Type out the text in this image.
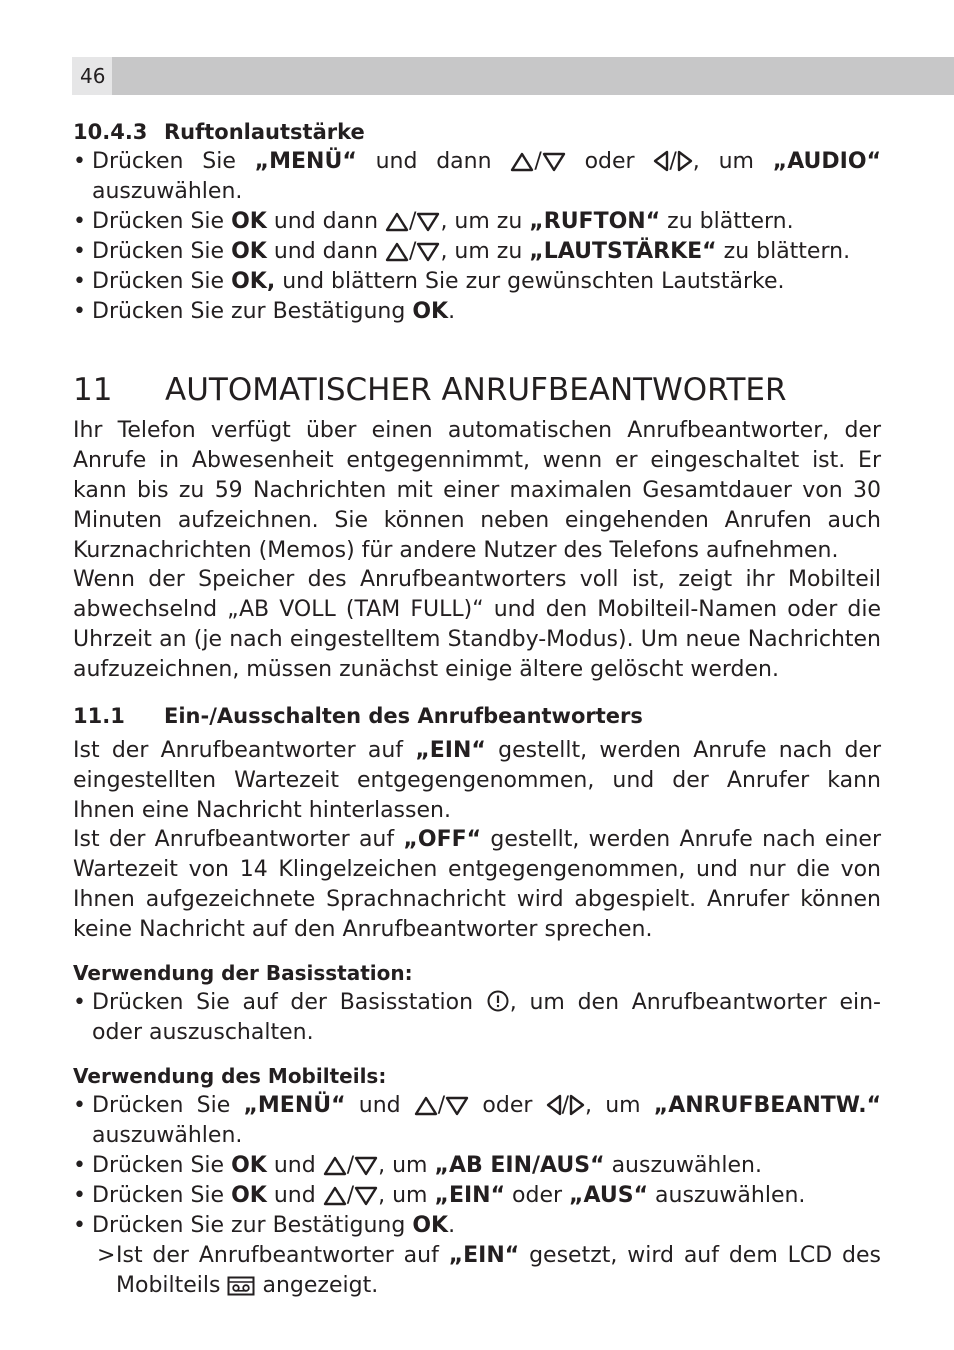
46
10.4.3 Ruftonlautstärke
• Drücken Sie „MENÜ“ und dann / oder / , um „AUDIO“ auszuwählen.
• Drücken Sie OK und dann / , um zu „RUFTON“ zu blättern.
• Drücken Sie OK und dann / , um zu „LAUTSTÄRKE“ zu blättern.
• Drücken Sie OK, und blättern Sie zur gewünschten Lautstärke.
• Drücken Sie zur Bestätigung OK.
11 AUTOMATISCHER ANRUFBEANTWORTER
Ihr Telefon verfügt über einen automatischen Anrufbeantworter, der Anrufe in Abwesenheit entgegennimmt, wenn er eingeschaltet ist. Er kann bis zu 59 Nachrichten mit einer maximalen Gesamtdauer von 30 Minuten aufzeichnen. Sie können neben eingehenden Anrufen auch Kurznachrichten (Memos) für andere Nutzer des Telefons aufnehmen.
Wenn der Speicher des Anrufbeantworters voll ist, zeigt ihr Mobilteil abwechselnd „AB VOLL (TAM FULL)“ und den Mobilteil-Namen oder die Uhrzeit an (je nach eingestelltem Standby-Modus). Um neue Nachrichten aufzuzeichnen, müssen zunächst einige ältere gelöscht werden.
11.1 Ein-/Ausschalten des Anrufbeantworters
Ist der Anrufbeantworter auf „EIN“ gestellt, werden Anrufe nach der eingestellten Wartezeit entgegengenommen, und der Anrufer kann Ihnen eine Nachricht hinterlassen.
Ist der Anrufbeantworter auf „OFF“ gestellt, werden Anrufe nach einer Wartezeit von 14 Klingelzeichen entgegengenommen, und nur die von Ihnen aufgezeichnete Sprachnachricht wird abgespielt. Anrufer können keine Nachricht auf den Anrufbeantworter sprechen.
Verwendung der Basisstation:
• Drücken Sie auf der Basisstation , um den Anrufbeantworter ein- oder auszuschalten.
Verwendung des Mobilteils:
• Drücken Sie „MENÜ“ und / oder / , um „ANRUFBEANTW.“ auszuwählen.
• Drücken Sie OK und / , um „AB EIN/AUS“ auszuwählen.
• Drücken Sie OK und / , um „EIN“ oder „AUS“ auszuwählen.
• Drücken Sie zur Bestätigung OK.
> Ist der Anrufbeantworter auf „EIN“ gesetzt, wird auf dem LCD des Mobilteils angezeigt.
